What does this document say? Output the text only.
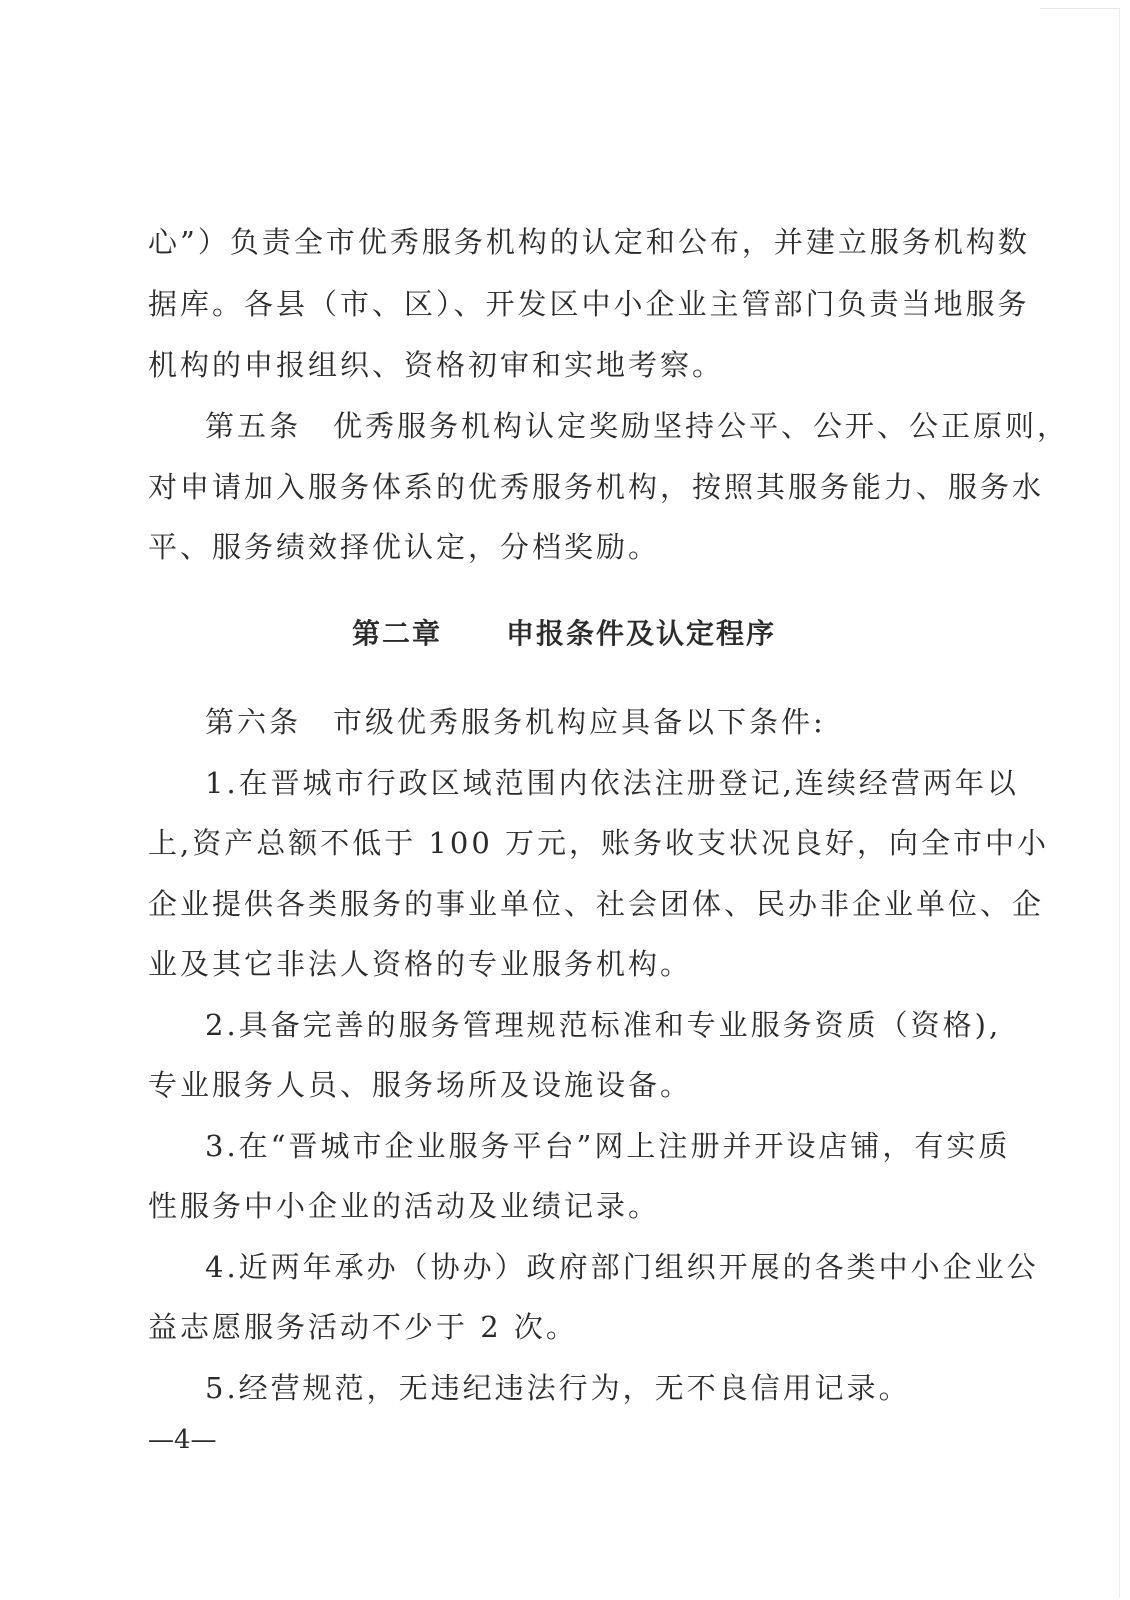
心”）负责全市优秀服务机构的认定和公布，并建立服务机构数
据库。各县（市、区）、开发区中小企业主管部门负责当地服务
机构的申报组织、资格初审和实地考察。
第五条　优秀服务机构认定奖励坚持公平、公开、公正原则，
对申请加入服务体系的优秀服务机构，按照其服务能力、服务水
平、服务绩效择优认定，分档奖励。
第二章 申报条件及认定程序
第六条　市级优秀服务机构应具备以下条件:
1.在晋城市行政区域范围内依法注册登记,连续经营两年以
上,资产总额不低于 100 万元，账务收支状况良好，向全市中小
企业提供各类服务的事业单位、社会团体、民办非企业单位、企
业及其它非法人资格的专业服务机构。
2.具备完善的服务管理规范标准和专业服务资质（资格),
专业服务人员、服务场所及设施设备。
3.在“晋城市企业服务平台”网上注册并开设店铺，有实质
性服务中小企业的活动及业绩记录。
4.近两年承办（协办）政府部门组织开展的各类中小企业公
益志愿服务活动不少于 2 次。
5.经营规范，无违纪违法行为，无不良信用记录。
—4—
